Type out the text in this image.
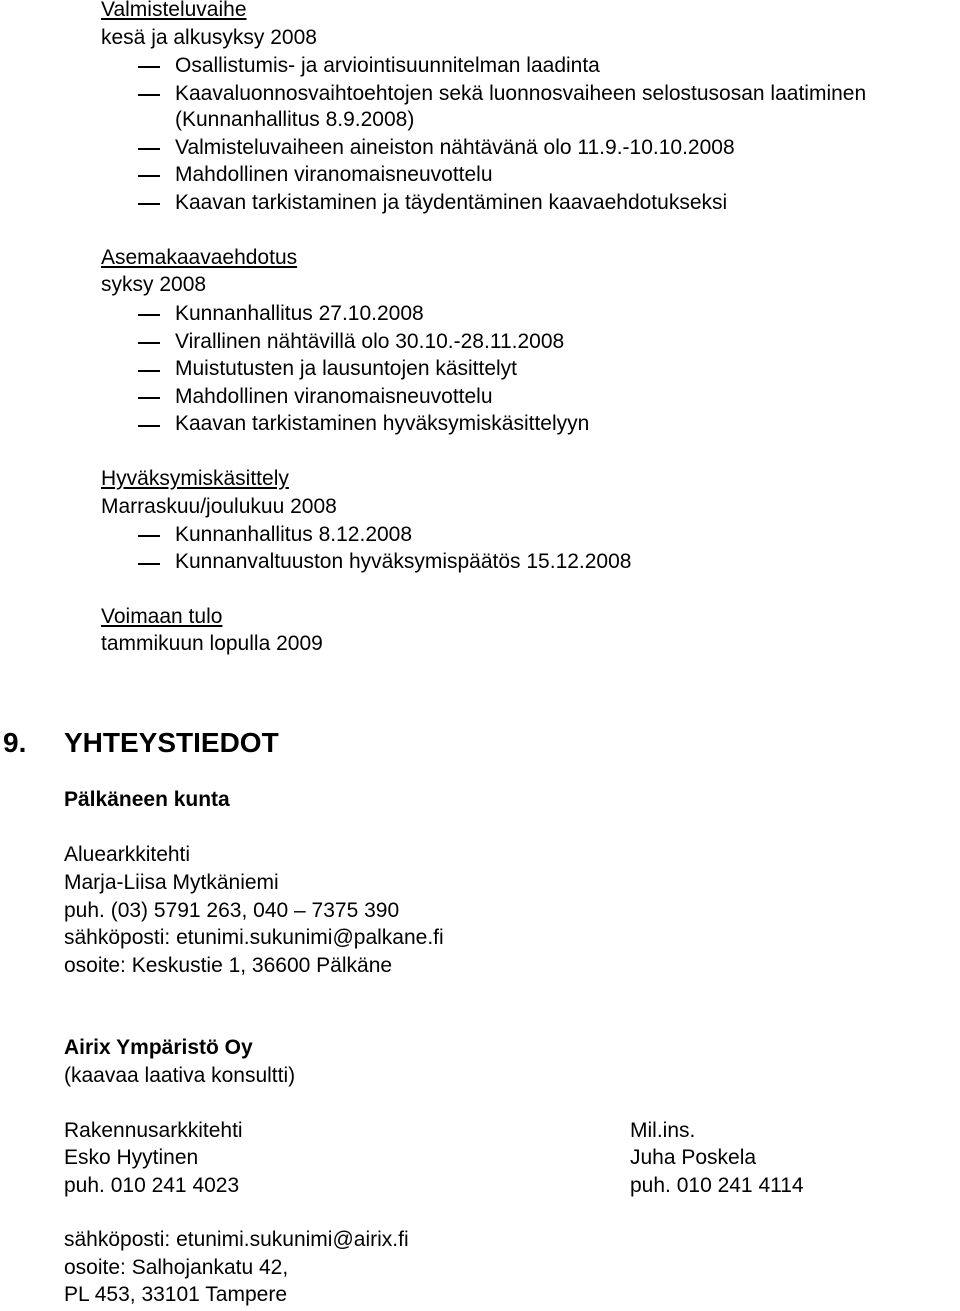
Valmisteluvaihe
kesä ja alkusyksy 2008
Osallistumis- ja arviointisuunnitelman laadinta
Kaavaluonnosvaihtoehtojen sekä luonnosvaiheen selostusosan laatiminen
(Kunnanhallitus 8.9.2008)
Valmisteluvaiheen aineiston nähtävänä olo 11.9.-10.10.2008
Mahdollinen viranomaisneuvottelu
Kaavan tarkistaminen ja täydentäminen kaavaehdotukseksi
Asemakaavaehdotus
syksy 2008
Kunnanhallitus 27.10.2008
Virallinen nähtävillä olo 30.10.-28.11.2008
Muistutusten ja lausuntojen käsittelyt
Mahdollinen viranomaisneuvottelu
Kaavan tarkistaminen hyväksymiskäsittelyyn
Hyväksymiskäsittely
Marraskuu/joulukuu 2008
Kunnanhallitus 8.12.2008
Kunnanvaltuuston hyväksymispäätös 15.12.2008
Voimaan tulo
tammikuun lopulla 2009
9. YHTEYSTIEDOT
Pälkäneen kunta
Aluearkkitehti
Marja-Liisa Mytkäniemi
puh. (03) 5791 263, 040 – 7375 390
sähköposti: etunimi.sukunimi@palkane.fi
osoite: Keskustie 1, 36600 Pälkäne
Airix Ympäristö Oy
(kaavaa laativa konsultti)
Rakennusarkkitehti
Esko Hyytinen
puh. 010 241 4023
Mil.ins.
Juha Poskela
puh. 010 241 4114
sähköposti: etunimi.sukunimi@airix.fi
osoite: Salhojankatu 42,
PL 453, 33101 Tampere
